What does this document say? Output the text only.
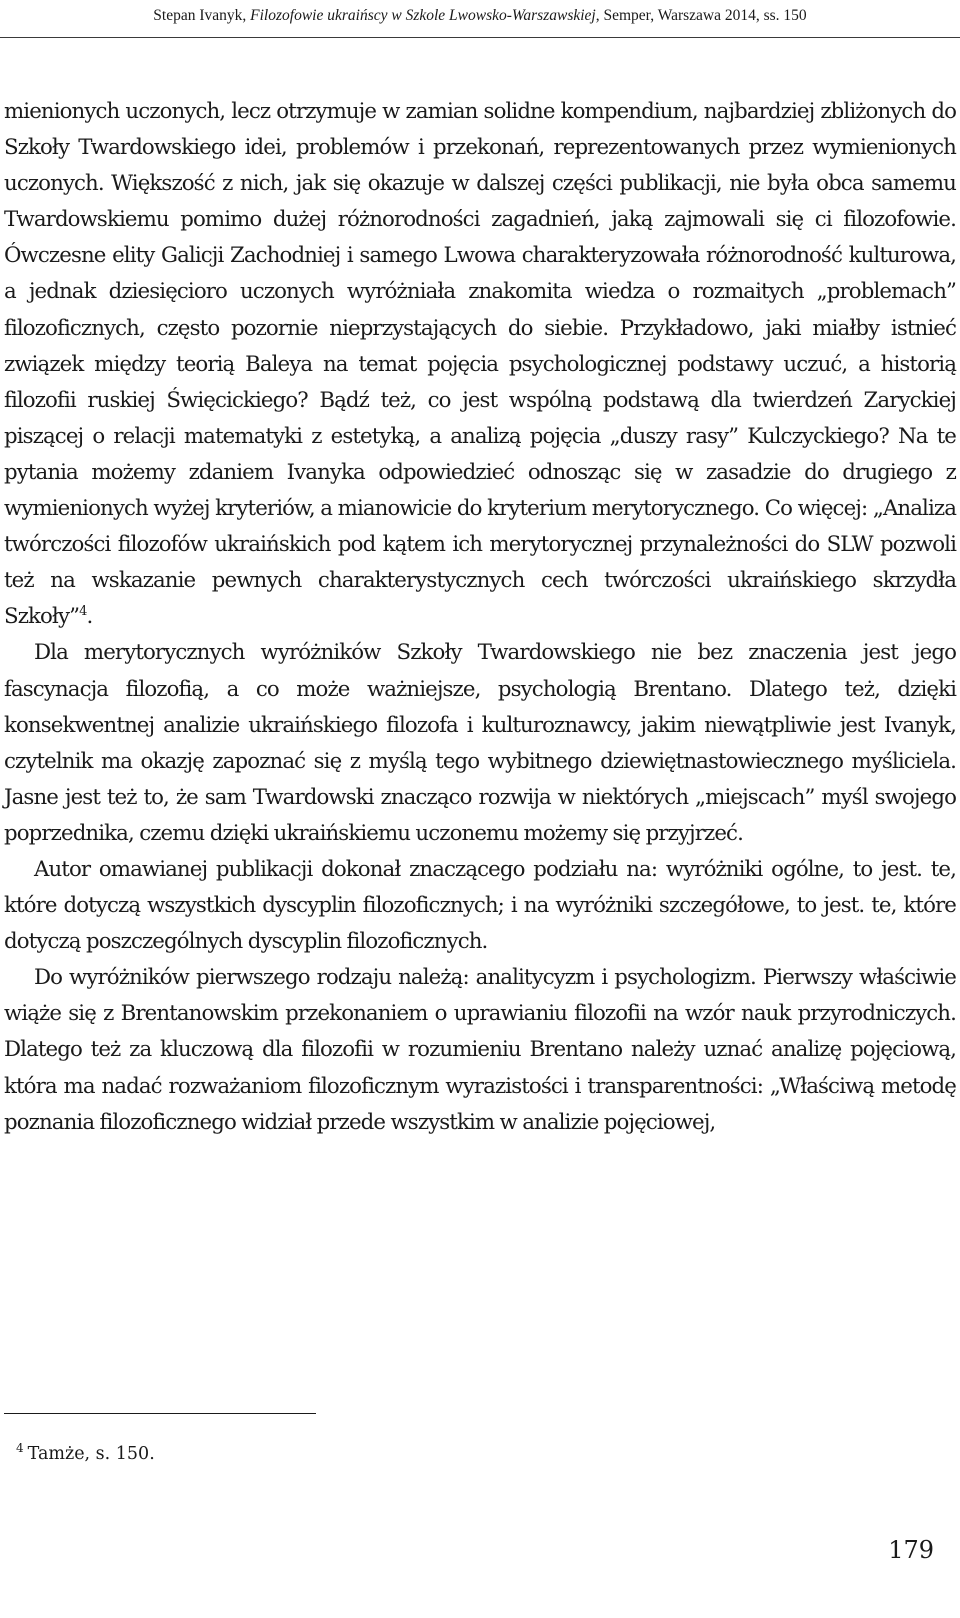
Stepan Ivanyk, Filozofowie ukraińscy w Szkole Lwowsko-Warszawskiej, Semper, Warszawa 2014, ss. 150

mienionych uczonych, lecz otrzymuje w zamian solidne kompendium, najbardziej zbliżonych do Szkoły Twardowskiego idei, problemów i przekonań, reprezentowanych przez wymienionych uczonych. Większość z nich, jak się okazuje w dalszej części publikacji, nie była obca samemu Twardowskiemu pomimo dużej różnorodności zagadnień, jaką zajmowali się ci filozofowie. Ówczesne elity Galicji Zachodniej i samego Lwowa charakteryzowała różnorodność kulturowa, a jednak dziesięcioro uczonych wyróżniała znakomita wiedza o rozmaitych „problemach” filozoficznych, często pozornie nieprzystających do siebie. Przykładowo, jaki miałby istnieć związek między teorią Baleya na temat pojęcia psychologicznej podstawy uczuć, a historią filozofii ruskiej Święcickiego? Bądź też, co jest wspólną podstawą dla twierdzeń Zaryckiej piszącej o relacji matematyki z estetyką, a analizą pojęcia „duszy rasy” Kulczyckiego? Na te pytania możemy zdaniem Ivanyka odpowiedzieć odnosząc się w zasadzie do drugiego z wymienionych wyżej kryteriów, a mianowicie do kryterium merytorycznego. Co więcej: „Analiza twórczości filozofów ukraińskich pod kątem ich merytorycznej przynależności do SLW pozwoli też na wskazanie pewnych charakterystycznych cech twórczości ukraińskiego skrzydła Szkoły”$^4$.

Dla merytorycznych wyróżników Szkoły Twardowskiego nie bez znaczenia jest jego fascynacja filozofią, a co może ważniejsze, psychologią Brentano. Dlatego też, dzięki konsekwentnej analizie ukraińskiego filozofa i kulturoznawcy, jakim niewątpliwie jest Ivanyk, czytelnik ma okazję zapoznać się z myślą tego wybitnego dziewiętnastowiecznego myśliciela. Jasne jest też to, że sam Twardowski znacząco rozwija w niektórych „miejscach” myśl swojego poprzednika, czemu dzięki ukraińskiemu uczonemu możemy się przyjrzeć.

Autor omawianej publikacji dokonał znaczącego podziału na: wyróżniki ogólne, to jest. te, które dotyczą wszystkich dyscyplin filozoficznych; i na wyróżniki szczegółowe, to jest. te, które dotyczą poszczególnych dyscyplin filozoficznych.

Do wyróżników pierwszego rodzaju należą: analitycyzm i psychologizm. Pierwszy właściwie wiąże się z Brentanowskim przekonaniem o uprawianiu filozofii na wzór nauk przyrodniczych. Dlatego też za kluczową dla filozofii w rozumieniu Brentano należy uznać analizę pojęciową, która ma nadać rozważaniom filozoficznym wyrazistości i transparentności: „Właściwą metodę poznania filozoficznego widział przede wszystkim w analizie pojęciowej,

$^4$ Tamże, s. 150.
179
